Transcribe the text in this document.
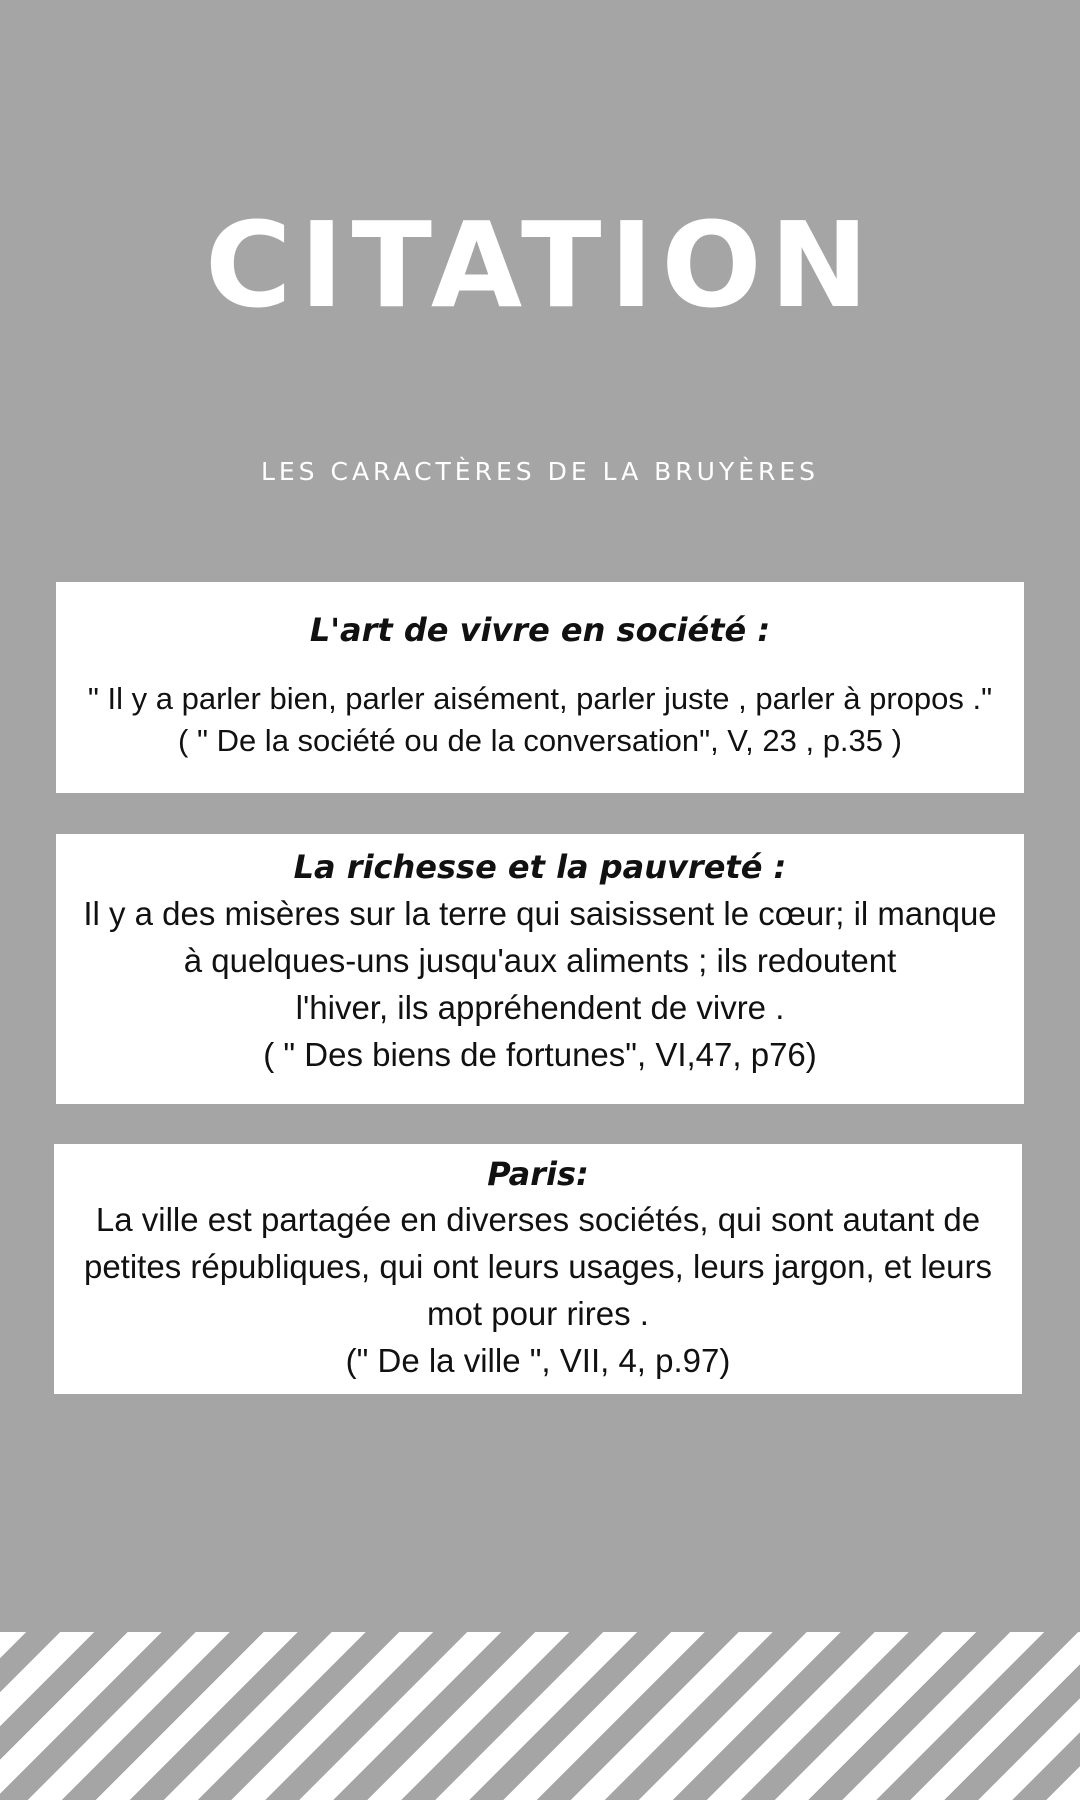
CITATION
LES CARACTÈRES DE LA BRUYÈRES
L'art de vivre en société :
" Il y a parler bien, parler aisément, parler juste , parler à propos ."
( " De la société ou de la conversation", V, 23 , p.35 )
La richesse et la pauvreté :
Il y a des misères sur la terre qui saisissent le cœur; il manque
à quelques-uns jusqu'aux aliments ; ils redoutent
l'hiver, ils appréhendent de vivre .
( " Des biens de fortunes", VI,47, p76)
Paris:
La ville est partagée en diverses sociétés, qui sont autant de
petites républiques, qui ont leurs usages, leurs jargon, et leurs
mot pour rires .
(" De la ville ", VII, 4, p.97)
